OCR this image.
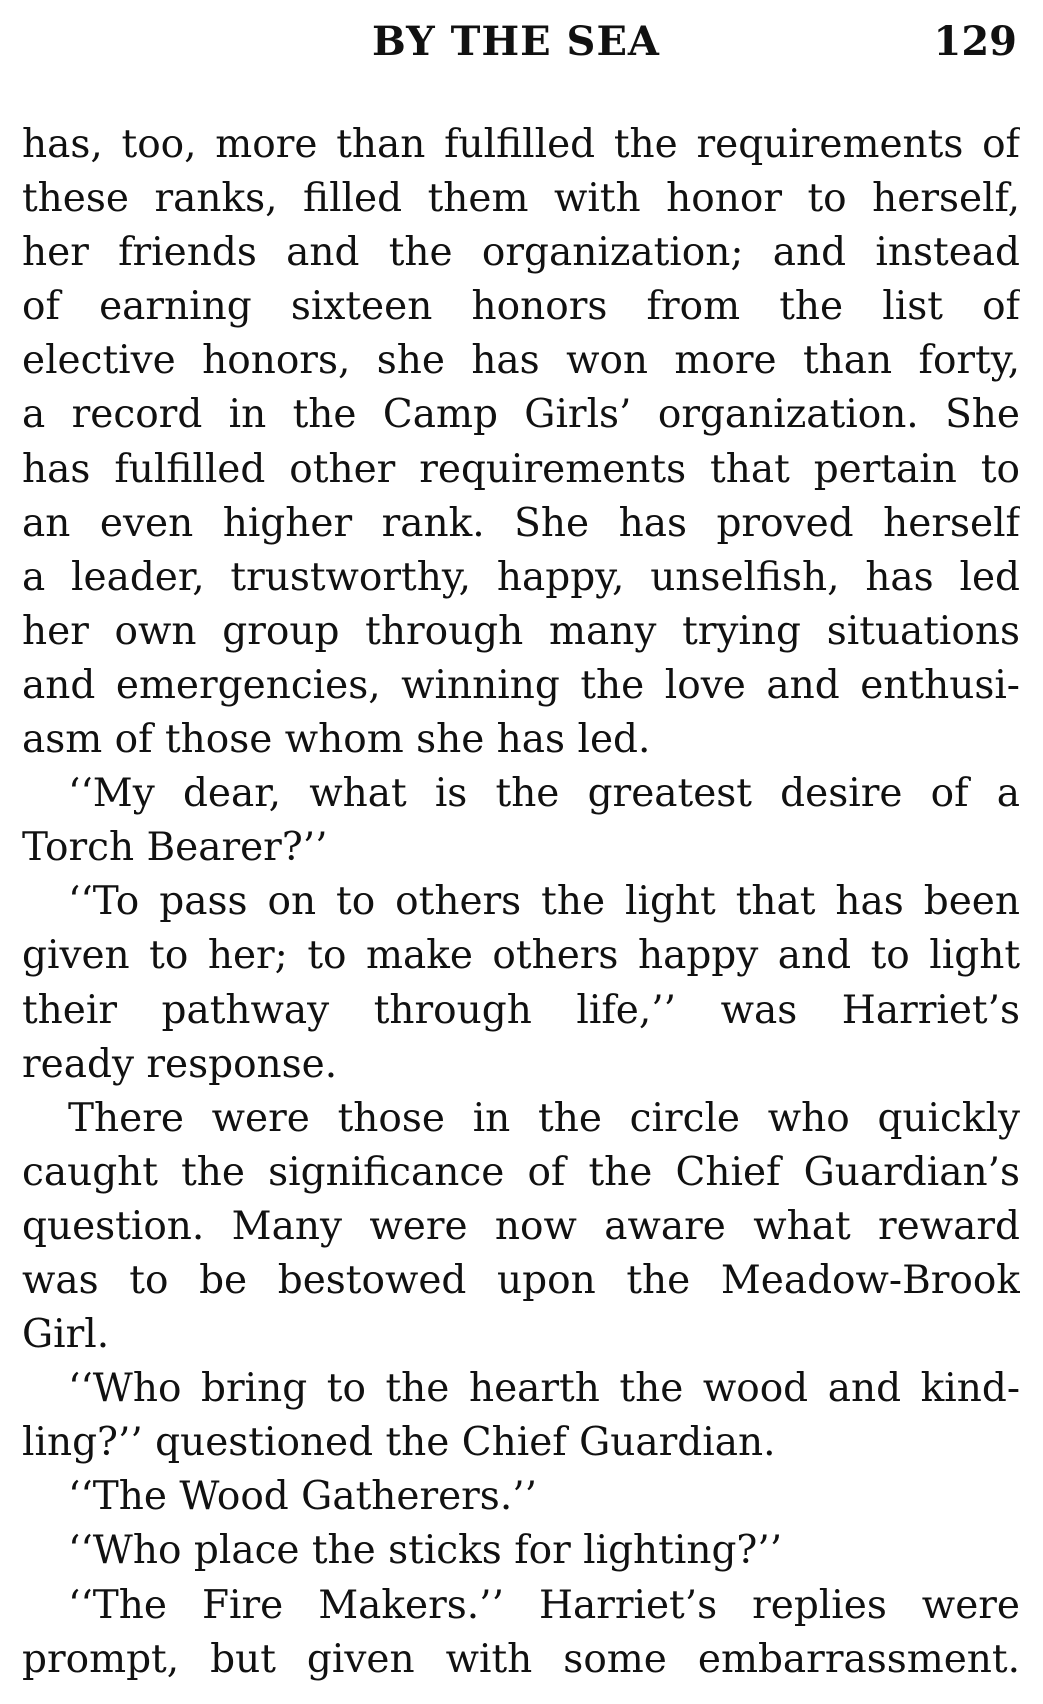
BY THE SEA	129
has, too, more than fulfilled the requirements of
these ranks, filled them with honor to herself,
her friends and the organization; and instead
of earning sixteen honors from the list of
elective honors, she has won more than forty,
a record in the Camp Girls’ organization. She
has fulfilled other requirements that pertain to
an even higher rank. She has proved herself
a leader, trustworthy, happy, unselfish, has led
her own group through many trying situations
and emergencies, winning the love and enthusi-
asm of those whom she has led.
‘‘My dear, what is the greatest desire of a
Torch Bearer?’’
‘‘To pass on to others the light that has been
given to her; to make others happy and to light
their pathway through life,’’ was Harriet’s
ready response.
There were those in the circle who quickly
caught the significance of the Chief Guardian’s
question. Many were now aware what reward
was to be bestowed upon the Meadow-Brook
Girl.
‘‘Who bring to the hearth the wood and kind-
ling?’’ questioned the Chief Guardian.
‘‘The Wood Gatherers.’’
‘‘Who place the sticks for lighting?’’
‘‘The Fire Makers.’’ Harriet’s replies were
prompt, but given with some embarrassment.
